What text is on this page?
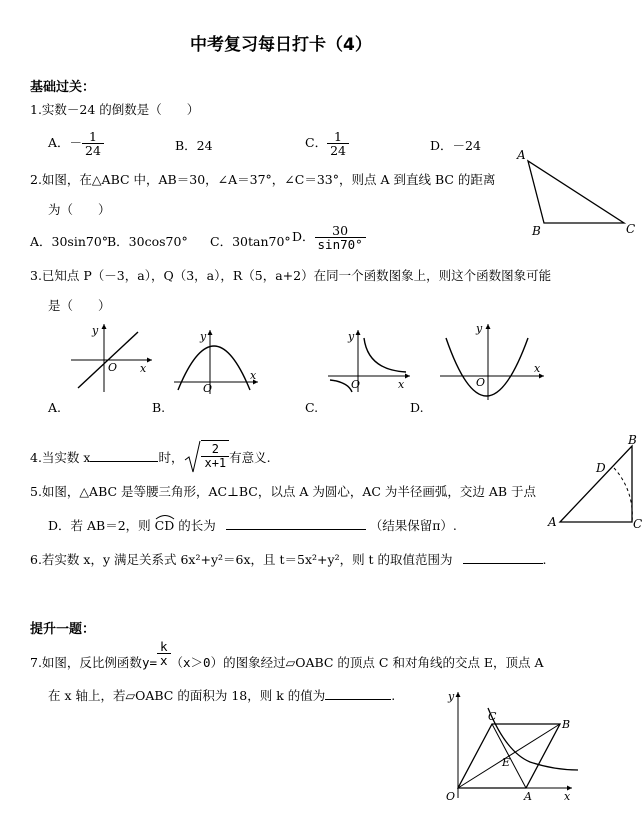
中考复习每日打卡（4）
基础过关：
1.实数－24 的倒数是（　　）
A．－ $\frac{1}{24}$	B．24	C． $\frac{1}{24}$	D．－24
2.如图，在△ABC 中，AB＝30，∠A＝37°，∠C＝33°，则点 A 到直线 BC 的距离
为（　　）
A．30sin70°
B．30cos70° C．30tan70° D． $\frac{30}{\sin 70^\circ}$
A
B	C
3.已知点 P（－3，a），Q（3，a），R（5，a+2）在同一个函数图象上，则这个函数图象可能
是（　　）
y
x
O
A.
y
x
O
B.
y
x
O
C.
y
x
O
D.
4.当实数 x	时， $\frac{2}{x+1}$ 有意义.
5.如图，△ABC 是等腰三角形，AC⊥BC，以点 A 为圆心，AC 为半径画弧，交边 AB 于点
D．若 AB＝2，则 CD 的长为	（结果保留π）.
B
D
A	C
6.若实数 x，y 满足关系式 6x²+y²＝6x，且 t＝5x²+y²，则 t 的取值范围为	.
提升一题：
7.如图，反比例函数$y= \frac{k}{x} (x>0)$的图象经过▱OABC 的顶点 C 和对角线的交点 E，顶点 A
在 x 轴上，若▱OABC 的面积为 18，则 k 的值为	.	y
C
B
E
O	A	x
